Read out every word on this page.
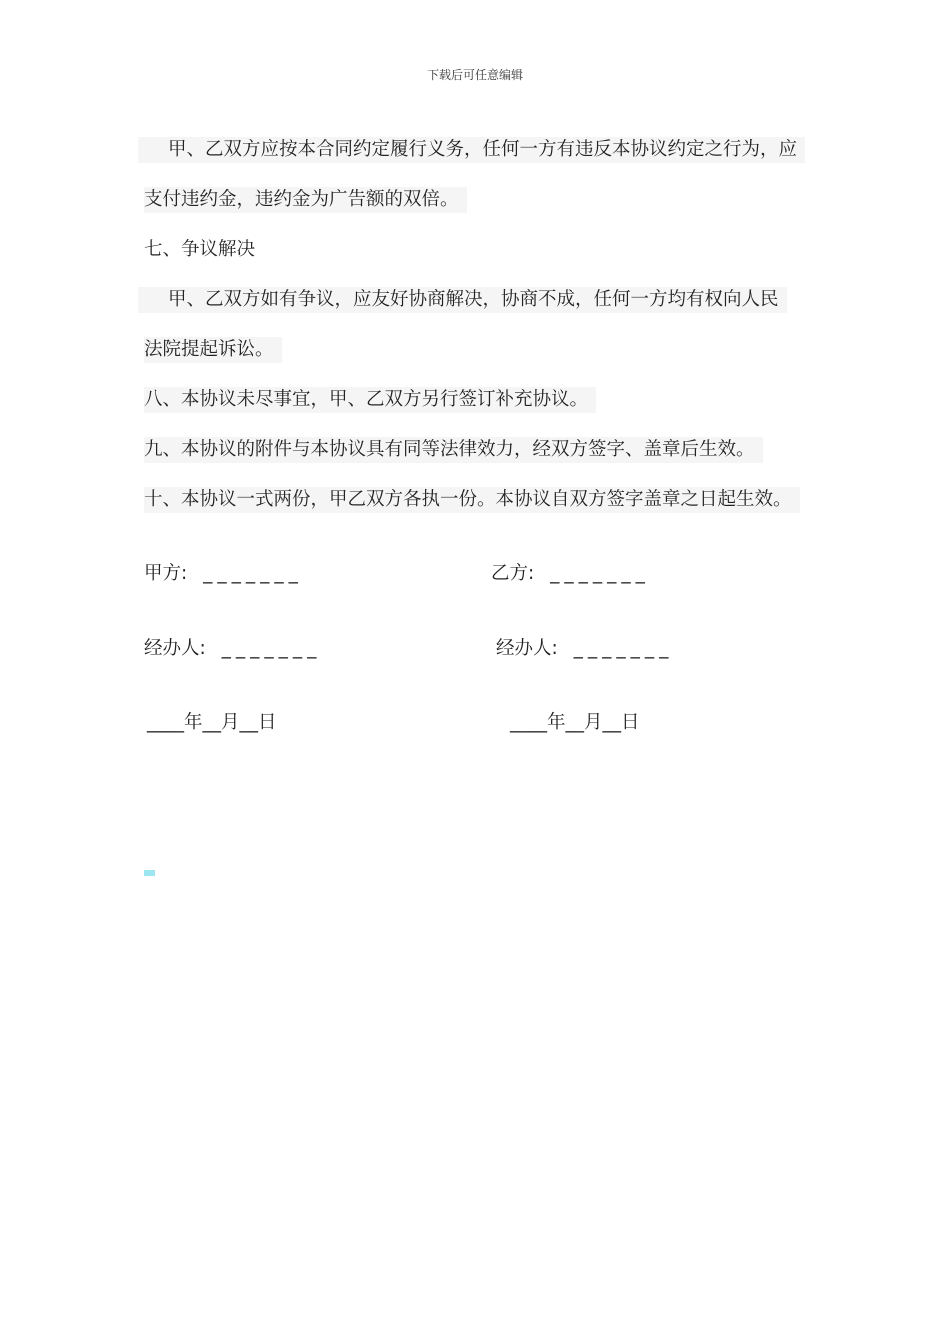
下载后可任意编辑
甲、乙双方应按本合同约定履行义务，任何一方有违反本协议约定之行为，应
支付违约金，违约金为广告额的双倍。
七、争议解决
甲、乙双方如有争议，应友好协商解决，协商不成，任何一方均有权向人民
法院提起诉讼。
八、本协议未尽事宜，甲、乙双方另行签订补充协议。
九、本协议的附件与本协议具有同等法律效力，经双方签字、盖章后生效。
十、本协议一式两份，甲乙双方各执一份。本协议自双方签字盖章之日起生效。
甲方: _______	乙方: _______
经办人: _______	经办人: _______
____年__月__日	____年__月__日
